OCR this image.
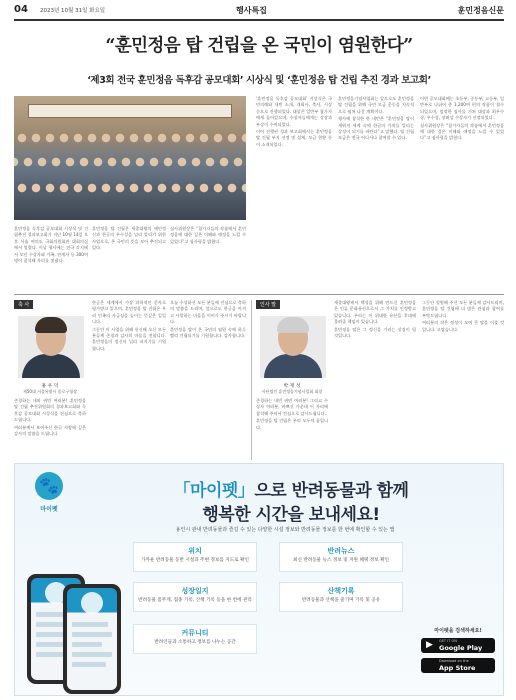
04 2023년 10월 31일 화요일	행사특집	훈민정음신문
“훈민정음 탑 건립을 온 국민이 염원한다”
‘제3회 전국 훈민정음 독후감 공모대회’ 시상식 및 ‘훈민정음 탑 건립 추진 경과 보고회’

‘훈민정음 독후감 공모대회’ 시상식은 국민의례와 내빈 소개, 개회사, 축사, 시상 순으로 진행되었다. 대상은 일반부 참가자에게 돌아갔으며, 수상자들에게는 상장과 부상이 수여되었다.

이어 진행된 경과 보고회에서는 훈민정음 탑 건립 부지 선정 및 설계, 모금 현황 등이 소개되었다.

훈민정음기념사업회는 앞으로도 훈민정음 탑 건립을 위해 국민 모금 운동을 지속적으로 펼쳐 나갈 계획이다.

행사에 참석한 한 내빈은 “훈민정음 탑이 세워져 세계 속에 한글의 가치를 알리는 상징이 되기를 바란다”고 말했다. 탑 건립 모금은 전국 어디서나 참여할 수 있다.

이번 공모대회에는 초등부, 중등부, 고등부, 일반부로 나뉘어 총 1,200여 편의 작품이 접수되었으며, 엄정한 심사를 거쳐 대상과 최우수상, 우수상, 장려상 수상자가 선정되었다.

심사위원장은 “참가자들의 작품에서 훈민정음에 대한 깊은 이해와 애정을 느낄 수 있었다”고 심사평을 밝혔다.

훈민정음 독후감 공모대회 시상식 및 건립추진 경과보고회가 지난 10월 14일 오후 서울 여의도 국회의원회관 대회의실에서 열렸다. 이날 행사에는 전국 각지에서 모인 수상자와 가족, 관계자 등 300여 명이 참석해 자리를 빛냈다.

훈민정음 탑 건립은 세종대왕의 애민정신과 한글의 우수성을 널리 알리기 위한 사업으로, 온 국민의 뜻을 모아 추진되고 있다.

심사위원장은 “참가자들의 작품에서 훈민정음에 대한 깊은 이해와 애정을 느낄 수 있었다”고 심사평을 밝혔다.

축 사
홍 우 덕
제50대 서울특별시 종로구청장

존경하는 내외 귀빈 여러분! 훈민정음 탑 건립 추진위원회의 경과보고회와 독후감 공모대회 시상식을 진심으로 축하드립니다.

여러분께서 보여주신 한글 사랑에 깊은 감사의 말씀을 드립니다.

한글은 세계에서 가장 과학적인 문자로 평가받고 있으며, 훈민정음 탑 건립은 우리 민족의 자긍심을 높이는 뜻깊은 일입니다.

그동안 이 사업을 위해 헌신해 오신 모든 분들께 존경과 감사의 마음을 전합니다. 훈민정음의 정신이 널리 퍼지기를 기원합니다.

오늘 수상하신 모든 분들께 진심으로 축하의 말씀을 드리며, 앞으로도 한글을 아끼고 사랑하는 마음을 이어가 주시기 바랍니다.

훈민정음 탑이 온 국민의 염원 속에 하루빨리 건립되기를 기원합니다. 감사합니다.

인사 말
박 재 성
사단법인 훈민정음기념사업회 회장

존경하는 내빈 귀빈 여러분! 그리고 수상자 여러분, 바쁘신 가운데 이 자리에 참석해 주셔서 진심으로 감사드립니다.

훈민정음 탑 건립은 우리 모두의 꿈입니다.

세종대왕께서 백성을 위해 만드신 훈민정음은 인류 문화유산으로서 그 가치를 인정받고 있습니다. 우리는 이 위대한 유산을 후대에 물려줄 책임이 있습니다.

훈민정음 탑은 그 정신을 기리는 상징이 될 것입니다.

그동안 성원해 주신 모든 분들께 감사드리며, 훈민정음 탑 건립에 더 많은 관심과 참여를 부탁드립니다.

여러분의 작은 정성이 모여 큰 탑을 이룰 것입니다. 고맙습니다.

🐾
마이펫
「마이펫」으로 반려동물과 함께
행복한 시간을 보내세요!
용인시 관내 반려동물과 즐길 수 있는 다양한 시설 정보와 반려동물 정보를 한 번에 확인할 수 있는 앱
위치
가까운 반려동물 동반 시설과 주변 정보를 지도로 확인
반려뉴스
최신 반려동물 뉴스 정보 및 지원 혜택 정보 확인
성장일지
반려동물 몸무게, 접종 기록, 산책 기록 등을 한 번에 관리
산책기록
반려동물과 산책을 즐기며 기록 및 공유
커뮤니티
반려인들과 소통하고 정보를 나누는 공간
마이펫을 검색하세요!
▶ GET IT ON
Google Play
Download on the
App Store
